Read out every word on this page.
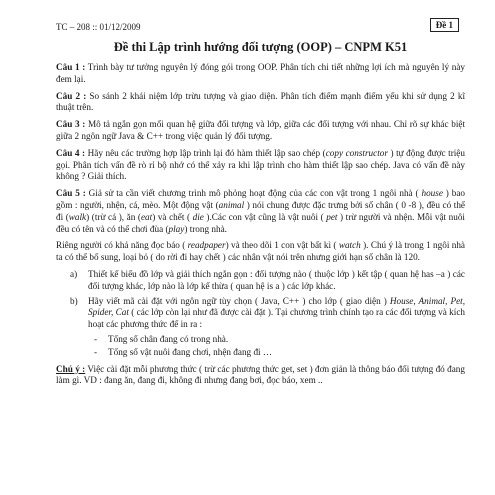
TC – 208 :: 01/12/2009	Đề 1
Đề thi Lập trình hướng đối tượng (OOP) – CNPM K51

Câu 1 : Trình bày tư tưởng nguyên lý đóng gói trong OOP. Phân tích chi tiết những lợi ích mà nguyên lý này đem lại.

Câu 2 : So sánh 2 khái niệm lớp trừu tượng và giao diện. Phân tích điểm mạnh điểm yếu khi sử dụng 2 kĩ thuật trên.

Câu 3 : Mô tả ngắn gọn mối quan hệ giữa đối tượng và lớp, giữa các đối tượng với nhau. Chỉ rõ sự khác biệt giữa 2 ngôn ngữ Java & C++ trong việc quản lý đối tượng.

Câu 4 : Hãy nêu các trường hợp lập trình lại đó hàm thiết lập sao chép (copy constructor ) tự động được triệu gọi. Phân tích vấn đề rò rỉ bộ nhớ có thể xảy ra khi lập trình cho hàm thiết lập sao chép. Java có vấn đề này không ? Giải thích.

Câu 5 : Giả sử ta cần viết chương trình mô phỏng hoạt động của các con vật trong 1 ngôi nhà ( house ) bao gồm : người, nhện, cá, mèo. Một động vật (animal ) nói chung được đặc trưng bởi số chân ( 0 -8 ), đều có thể đi (walk) (trừ cá ), ăn (eat) và chết ( die ).Các con vật cũng là vật nuôi ( pet ) trừ người và nhện. Mỗi vật nuôi đều có tên và có thể chơi đùa (play) trong nhà.

Riêng người có khả năng đọc báo ( readpaper) và theo dõi 1 con vật bất kì ( watch ). Chú ý là trong 1 ngôi nhà ta có thể bổ sung, loại bỏ ( do rời đi hay chết ) các nhân vật nói trên nhưng giới hạn số chân là 120.

a)	Thiết kế biểu đồ lớp và giải thích ngắn gọn : đối tượng nào ( thuộc lớp ) kết tập ( quan hệ has –a ) các đối tượng khác, lớp nào là lớp kế thừa ( quan hệ is a ) các lớp khác.
b)	Hãy viết mã cài đặt với ngôn ngữ tùy chọn ( Java, C++ ) cho lớp ( giao diện ) House, Animal, Pet, Spider, Cat ( các lớp còn lại như đã được cài đặt ). Tại chương trình chính tạo ra các đối tượng và kích hoạt các phương thức để in ra :
-	Tổng số chân đang có trong nhà.
-	Tổng số vật nuôi đang chơi, nhện đang đi …

Chú ý : Việc cài đặt mỗi phương thức ( trừ các phương thức get, set ) đơn giản là thông báo đối tượng đó đang làm gì. VD : đang ăn, đang đi, không đi nhưng đang bơi, đọc báo, xem ..
